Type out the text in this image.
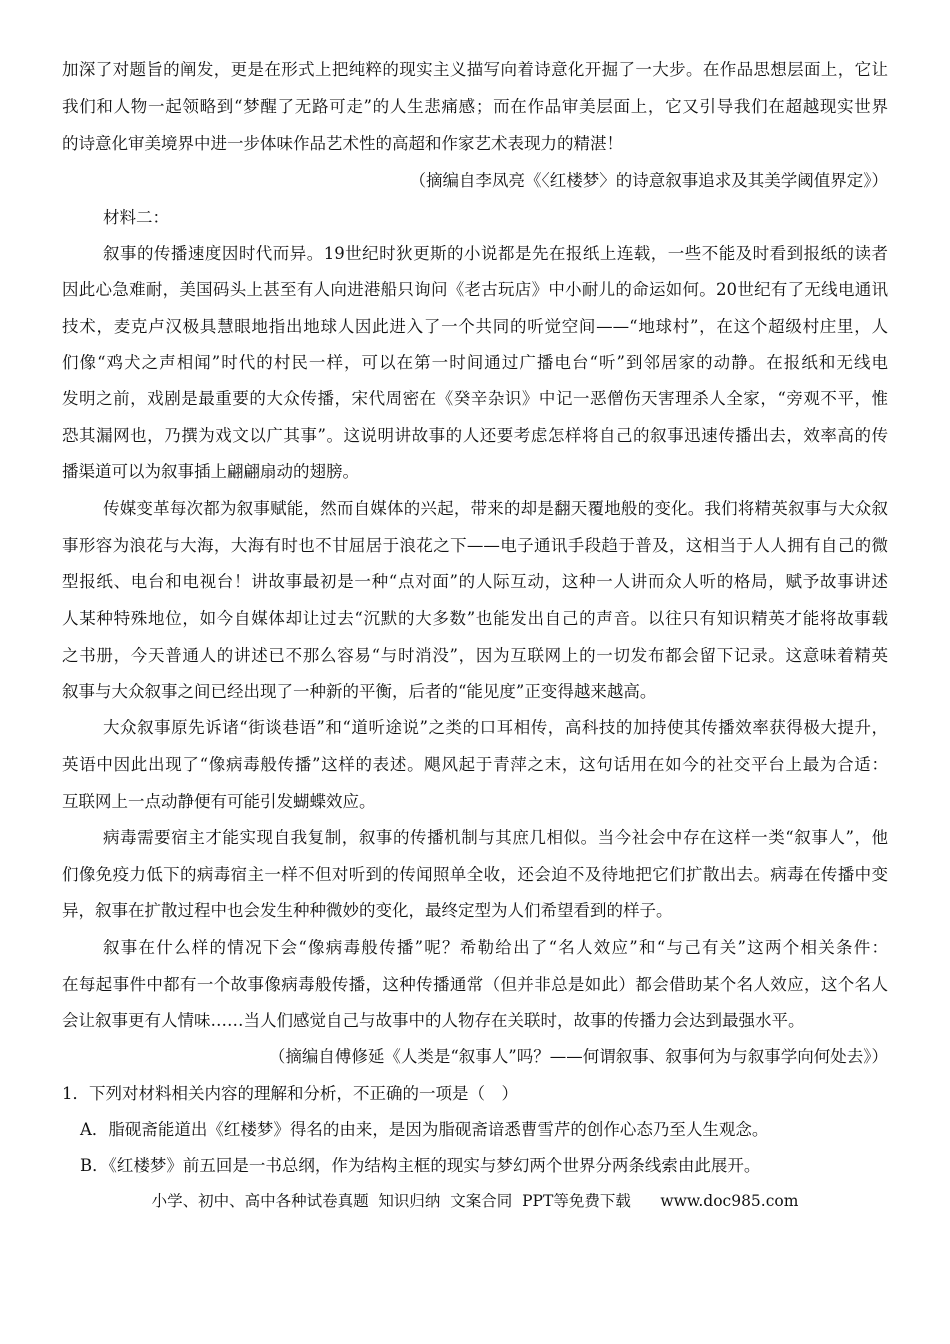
加深了对题旨的阐发，更是在形式上把纯粹的现实主义描写向着诗意化开掘了一大步。在作品思想层面上，它让
我们和人物一起领略到“梦醒了无路可走”的人生悲痛感；而在作品审美层面上，它又引导我们在超越现实世界
的诗意化审美境界中进一步体味作品艺术性的高超和作家艺术表现力的精湛！
（摘编自李凤亮《〈红楼梦〉的诗意叙事追求及其美学阈值界定》）
材料二：
叙事的传播速度因时代而异。19世纪时狄更斯的小说都是先在报纸上连载，一些不能及时看到报纸的读者
因此心急难耐，美国码头上甚至有人向进港船只询问《老古玩店》中小耐儿的命运如何。20世纪有了无线电通讯
技术，麦克卢汉极具慧眼地指出地球人因此进入了一个共同的听觉空间——“地球村”，在这个超级村庄里，人
们像“鸡犬之声相闻”时代的村民一样，可以在第一时间通过广播电台“听”到邻居家的动静。在报纸和无线电
发明之前，戏剧是最重要的大众传播，宋代周密在《癸辛杂识》中记一恶僧伤天害理杀人全家，“旁观不平，惟
恐其漏网也，乃撰为戏文以广其事”。这说明讲故事的人还要考虑怎样将自己的叙事迅速传播出去，效率高的传
播渠道可以为叙事插上翩翩扇动的翅膀。
传媒变革每次都为叙事赋能，然而自媒体的兴起，带来的却是翻天覆地般的变化。我们将精英叙事与大众叙
事形容为浪花与大海，大海有时也不甘屈居于浪花之下——电子通讯手段趋于普及，这相当于人人拥有自己的微
型报纸、电台和电视台！讲故事最初是一种“点对面”的人际互动，这种一人讲而众人听的格局，赋予故事讲述
人某种特殊地位，如今自媒体却让过去“沉默的大多数”也能发出自己的声音。以往只有知识精英才能将故事载
之书册，今天普通人的讲述已不那么容易“与时消没”，因为互联网上的一切发布都会留下记录。这意味着精英
叙事与大众叙事之间已经出现了一种新的平衡，后者的“能见度”正变得越来越高。
大众叙事原先诉诸“街谈巷语”和“道听途说”之类的口耳相传，高科技的加持使其传播效率获得极大提升，
英语中因此出现了“像病毒般传播”这样的表述。飓风起于青萍之末，这句话用在如今的社交平台上最为合适：
互联网上一点动静便有可能引发蝴蝶效应。
病毒需要宿主才能实现自我复制，叙事的传播机制与其庶几相似。当今社会中存在这样一类“叙事人”，他
们像免疫力低下的病毒宿主一样不但对听到的传闻照单全收，还会迫不及待地把它们扩散出去。病毒在传播中变
异，叙事在扩散过程中也会发生种种微妙的变化，最终定型为人们希望看到的样子。
叙事在什么样的情况下会“像病毒般传播”呢？希勒给出了“名人效应”和“与己有关”这两个相关条件：
在每起事件中都有一个故事像病毒般传播，这种传播通常（但并非总是如此）都会借助某个名人效应，这个名人
会让叙事更有人情味……当人们感觉自己与故事中的人物存在关联时，故事的传播力会达到最强水平。
（摘编自傅修延《人类是“叙事人”吗？——何谓叙事、叙事何为与叙事学向何处去》）
1．下列对材料相关内容的理解和分析，不正确的一项是（　）
A．脂砚斋能道出《红楼梦》得名的由来，是因为脂砚斋谙悉曹雪芹的创作心态乃至人生观念。
B．《红楼梦》前五回是一书总纲，作为结构主框的现实与梦幻两个世界分两条线索由此展开。
小学、初中、高中各种试卷真题  知识归纳  文案合同  PPT等免费下载      www.doc985.com
